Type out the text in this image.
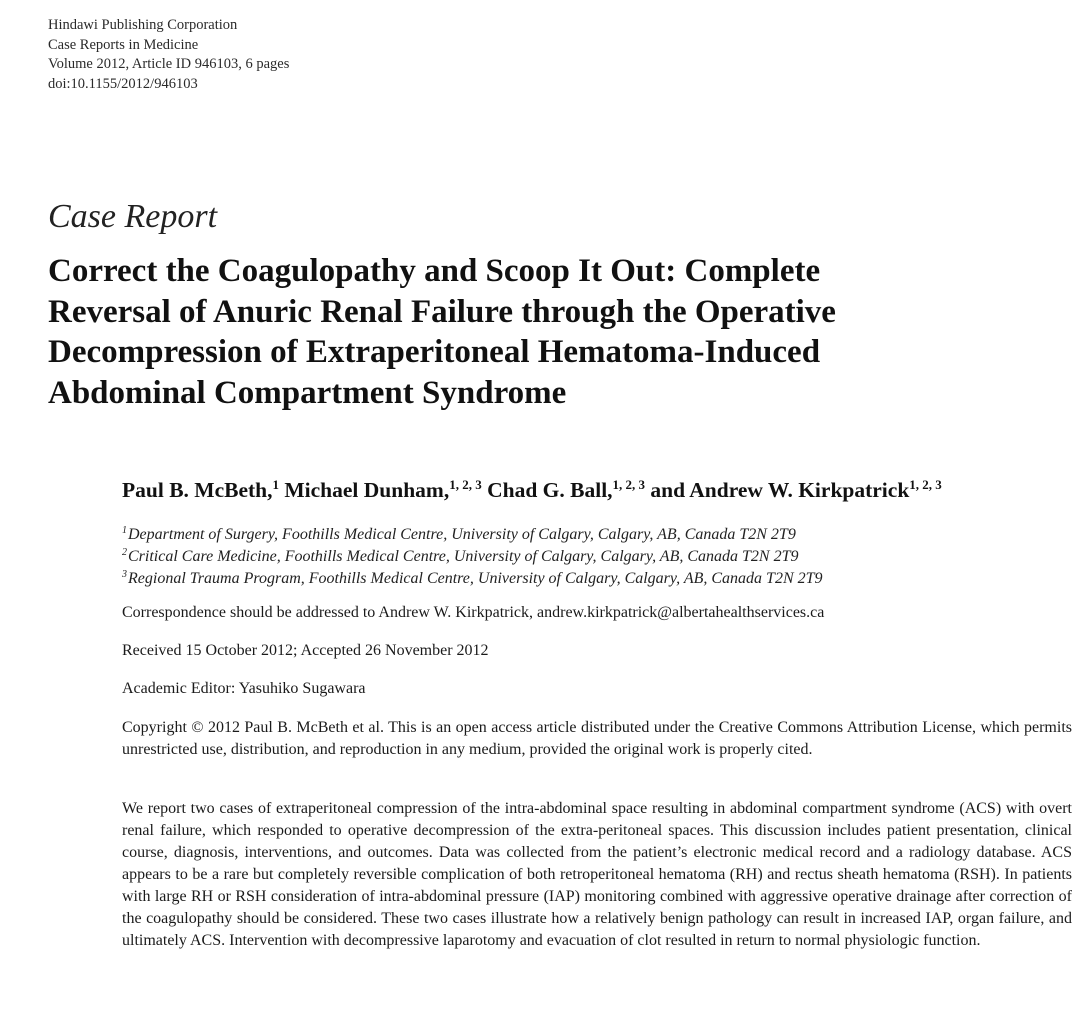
Hindawi Publishing Corporation
Case Reports in Medicine
Volume 2012, Article ID 946103, 6 pages
doi:10.1155/2012/946103
Case Report
Correct the Coagulopathy and Scoop It Out: Complete
Reversal of Anuric Renal Failure through the Operative
Decompression of Extraperitoneal Hematoma-Induced
Abdominal Compartment Syndrome
Paul B. McBeth,$^1$ Michael Dunham,$^{1, 2, 3}$ Chad G. Ball,$^{1, 2, 3}$ and Andrew W. Kirkpatrick$^{1, 2, 3}$
$^1$Department of Surgery, Foothills Medical Centre, University of Calgary, Calgary, AB, Canada T2N 2T9
$^2$Critical Care Medicine, Foothills Medical Centre, University of Calgary, Calgary, AB, Canada T2N 2T9
$^3$Regional Trauma Program, Foothills Medical Centre, University of Calgary, Calgary, AB, Canada T2N 2T9
Correspondence should be addressed to Andrew W. Kirkpatrick, andrew.kirkpatrick@albertahealthservices.ca
Received 15 October 2012; Accepted 26 November 2012
Academic Editor: Yasuhiko Sugawara
Copyright © 2012 Paul B. McBeth et al. This is an open access article distributed under the Creative Commons Attribution License, which permits unrestricted use, distribution, and reproduction in any medium, provided the original work is properly cited.
We report two cases of extraperitoneal compression of the intra-abdominal space resulting in abdominal compartment syndrome (ACS) with overt renal failure, which responded to operative decompression of the extra-peritoneal spaces. This discussion includes patient presentation, clinical course, diagnosis, interventions, and outcomes. Data was collected from the patient’s electronic medical record and a radiology database. ACS appears to be a rare but completely reversible complication of both retroperitoneal hematoma (RH) and rectus sheath hematoma (RSH). In patients with large RH or RSH consideration of intra-abdominal pressure (IAP) monitoring combined with aggressive operative drainage after correction of the coagulopathy should be considered. These two cases illustrate how a relatively benign pathology can result in increased IAP, organ failure, and ultimately ACS. Intervention with decompressive laparotomy and evacuation of clot resulted in return to normal physiologic function.
